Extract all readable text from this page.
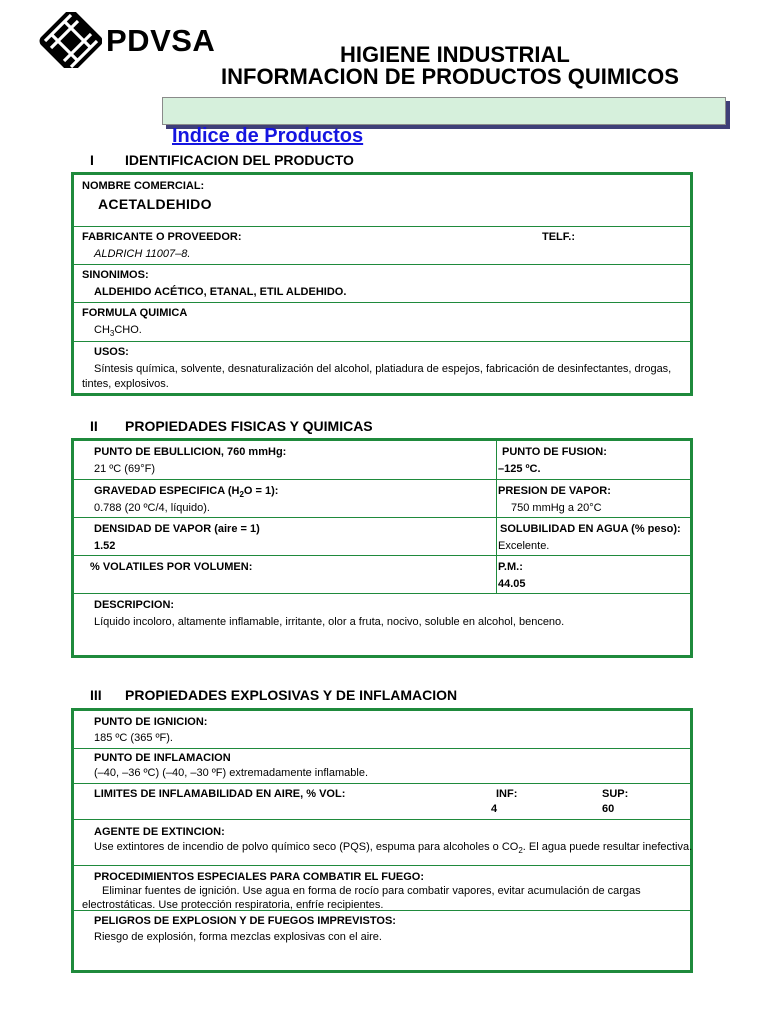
PDVSA	HIGIENE INDUSTRIAL
INFORMACION DE PRODUCTOS QUIMICOS
Indice de Productos
I IDENTIFICACION DEL PRODUCTO
NOMBRE COMERCIAL:
ACETALDEHIDO
FABRICANTE O PROVEEDOR:	TELF.:
ALDRICH 11007–8.
SINONIMOS:
ALDEHIDO ACÉTICO, ETANAL, ETIL ALDEHIDO.
FORMULA QUIMICA
$CH_3CHO$.
USOS:
Síntesis química, solvente, desnaturalización del alcohol, platiadura de espejos, fabricación de desinfectantes, drogas,
tintes, explosivos.
II PROPIEDADES FISICAS Y QUIMICAS
PUNTO DE EBULLICION, 760 mmHg:
21 ºC (69°F)
PUNTO DE FUSION:
–125 ºC.
GRAVEDAD ESPECIFICA $(H_2O = 1)$:
0.788 (20 ºC/4, líquido).
PRESION DE VAPOR:
750 mmHg a 20°C
DENSIDAD DE VAPOR (aire = 1)
1.52
SOLUBILIDAD EN AGUA (% peso):
Excelente.
% VOLATILES POR VOLUMEN:	P.M.:
44.05
DESCRIPCION:
Líquido incoloro, altamente inflamable, irritante, olor a fruta, nocivo, soluble en alcohol, benceno.
III PROPIEDADES EXPLOSIVAS Y DE INFLAMACION
PUNTO DE IGNICION:
185 ºC (365 ºF).
PUNTO DE INFLAMACION
(–40, –36 ºC) (–40, –30 ºF) extremadamente inflamable.
LIMITES DE INFLAMABILIDAD EN AIRE, % VOL:	INF:
4
SUP:
60
AGENTE DE EXTINCION:
Use extintores de incendio de polvo químico seco (PQS), espuma para alcoholes o $CO_2$. El agua puede resultar inefectiva.
PROCEDIMIENTOS ESPECIALES PARA COMBATIR EL FUEGO:
Eliminar fuentes de ignición. Use agua en forma de rocío para combatir vapores, evitar acumulación de cargas
electrostáticas. Use protección respiratoria, enfríe recipientes.
PELIGROS DE EXPLOSION Y DE FUEGOS IMPREVISTOS:
Riesgo de explosión, forma mezclas explosivas con el aire.
